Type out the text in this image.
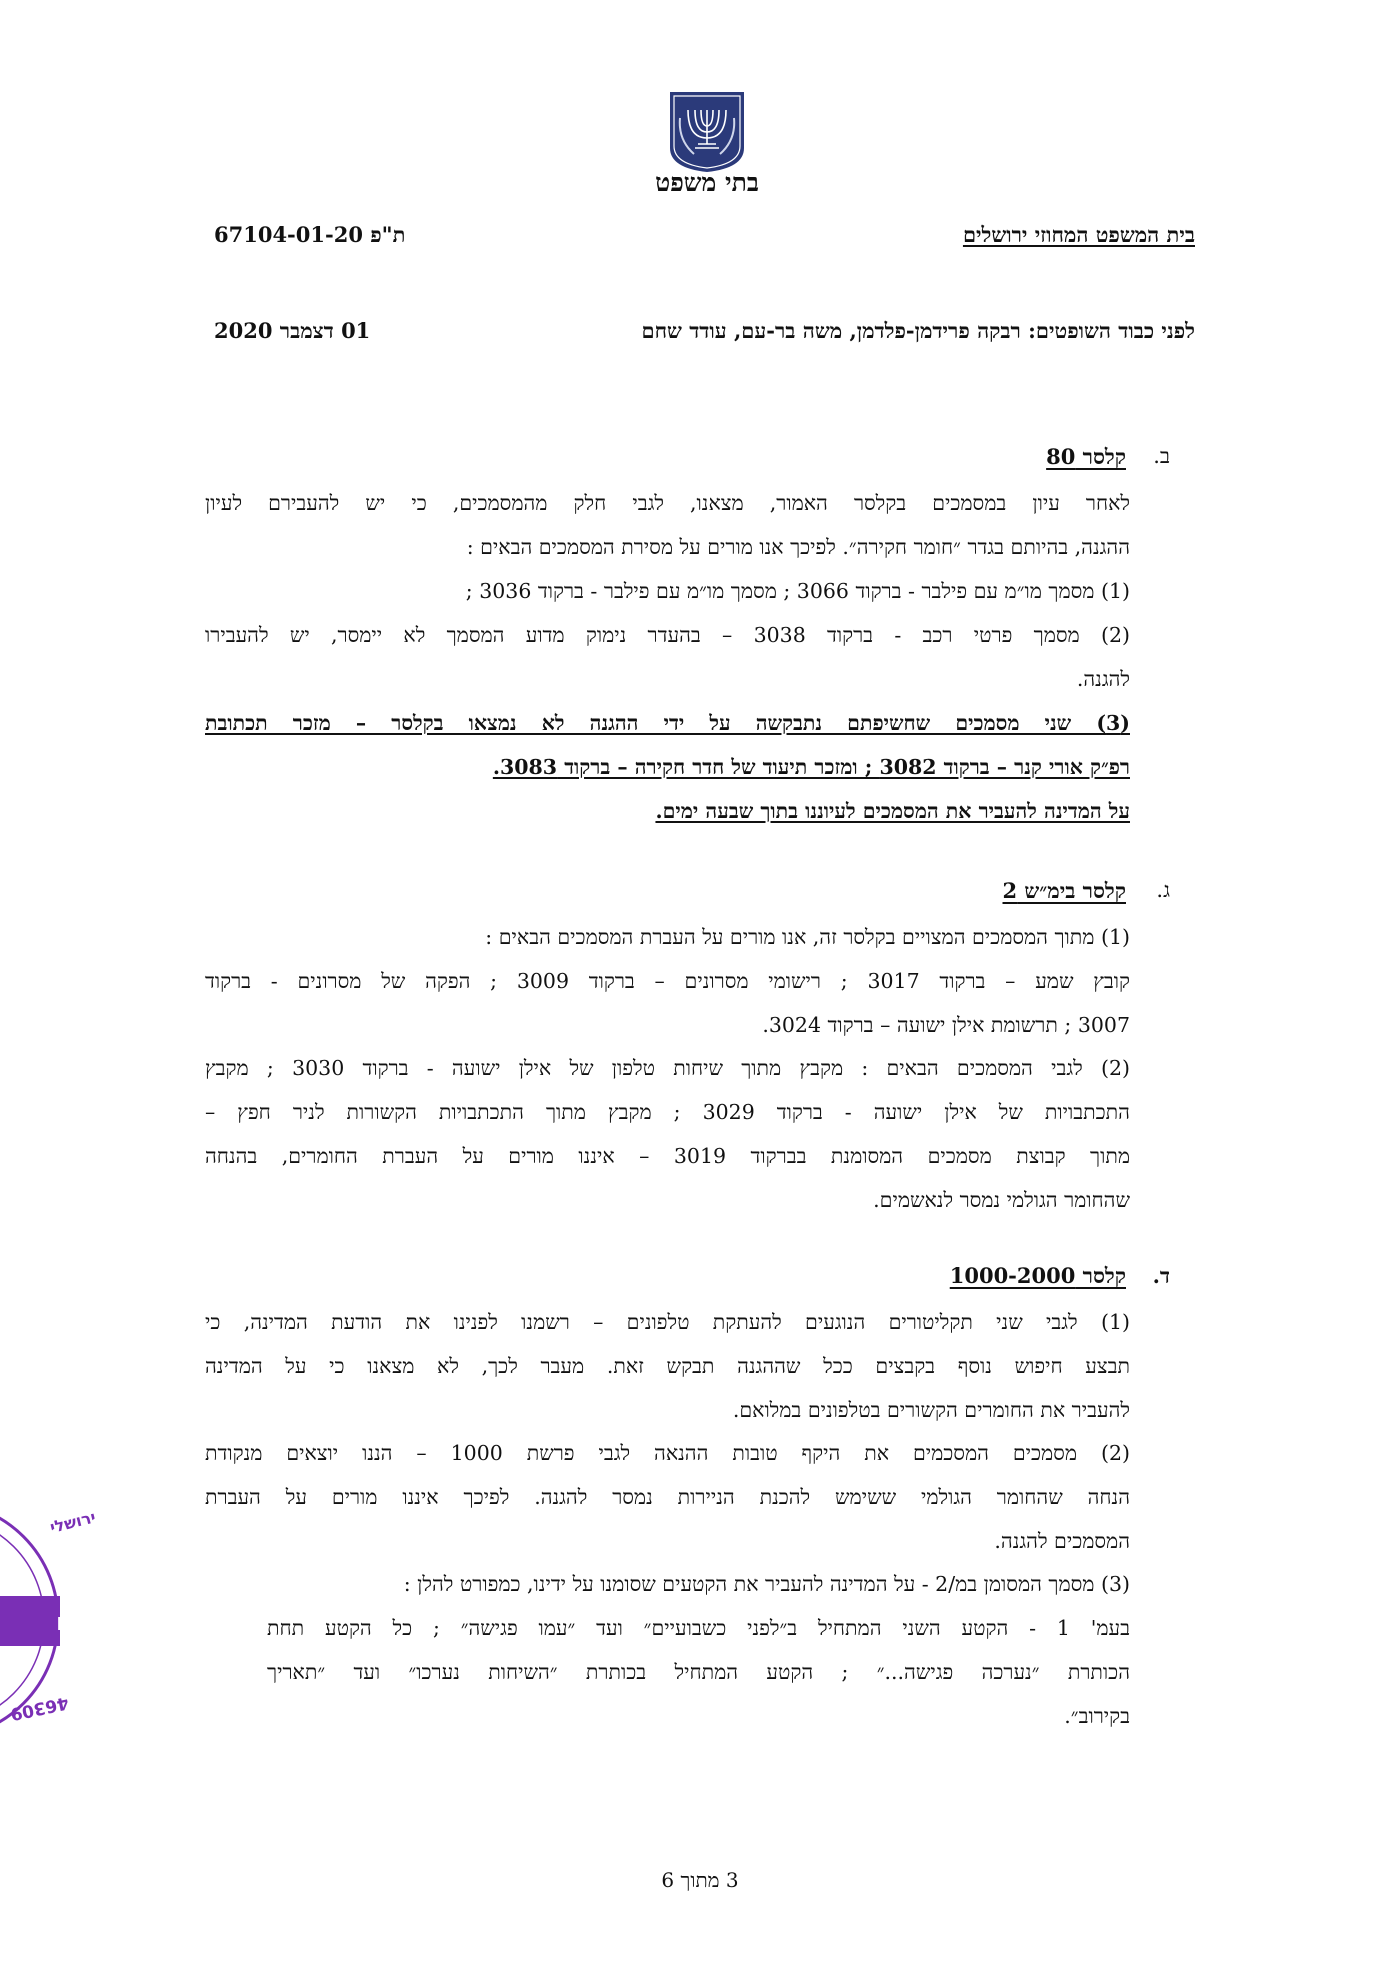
בתי משפט
בית המשפט המחוזי ירושלים
ת"פ 67104-01-20
לפני כבוד השופטים: רבקה פרידמן-פלדמן, משה בר-עם, עודד שחם
01 דצמבר 2020
ב.
קלסר 80
לאחר עיון במסמכים בקלסר האמור, מצאנו, לגבי חלק מהמסמכים, כי יש להעבירם לעיון
ההגנה, בהיותם בגדר ״חומר חקירה״. לפיכך אנו מורים על מסירת המסמכים הבאים :
(1) מסמך מו״מ עם פילבר - ברקוד 3066 ; מסמך מו״מ עם פילבר - ברקוד 3036 ;
(2) מסמך פרטי רכב - ברקוד 3038 – בהעדר נימוק מדוע המסמך לא יימסר, יש להעבירו
להגנה.
(3) שני מסמכים שחשיפתם נתבקשה על ידי ההגנה לא נמצאו בקלסר – מזכר תכתובת
רפ״ק אורי קנר – ברקוד 3082 ; ומזכר תיעוד של חדר חקירה – ברקוד 3083.
על המדינה להעביר את המסמכים לעיוננו בתוך שבעה ימים.
ג.
קלסר בימ״ש 2
(1) מתוך המסמכים המצויים בקלסר זה, אנו מורים על העברת המסמכים הבאים :
קובץ שמע – ברקוד 3017 ; רישומי מסרונים – ברקוד 3009 ; הפקה של מסרונים - ברקוד
3007 ; תרשומת אילן ישועה – ברקוד 3024.
(2) לגבי המסמכים הבאים : מקבץ מתוך שיחות טלפון של אילן ישועה - ברקוד 3030 ; מקבץ
התכתבויות של אילן ישועה - ברקוד 3029 ; מקבץ מתוך התכתבויות הקשורות לניר חפץ –
מתוך קבוצת מסמכים המסומנת בברקוד 3019 – איננו מורים על העברת החומרים, בהנחה
שהחומר הגולמי נמסר לנאשמים.
ד.
קלסר 1000-2000
(1) לגבי שני תקליטורים הנוגעים להעתקת טלפונים – רשמנו לפנינו את הודעת המדינה, כי
תבצע חיפוש נוסף בקבצים ככל שההגנה תבקש זאת. מעבר לכך, לא מצאנו כי על המדינה
להעביר את החומרים הקשורים בטלפונים במלואם.
(2) מסמכים המסכמים את היקף טובות ההנאה לגבי פרשת 1000 – הננו יוצאים מנקודת
הנחה שהחומר הגולמי ששימש להכנת הניירות נמסר להגנה. לפיכך איננו מורים על העברת
המסמכים להגנה.
(3) מסמך המסומן במ/2 - על המדינה להעביר את הקטעים שסומנו על ידינו, כמפורט להלן :
בעמ' 1 - הקטע השני המתחיל ב״לפני כשבועיים״ ועד ״עמו פגישה״ ; כל הקטע תחת
הכותרת ״נערכה פגישה...״ ; הקטע המתחיל בכותרת ״השיחות נערכו״ ועד ״תאריך
בקירוב״.
למקו
ירושלי
46309
3 מתוך 6
